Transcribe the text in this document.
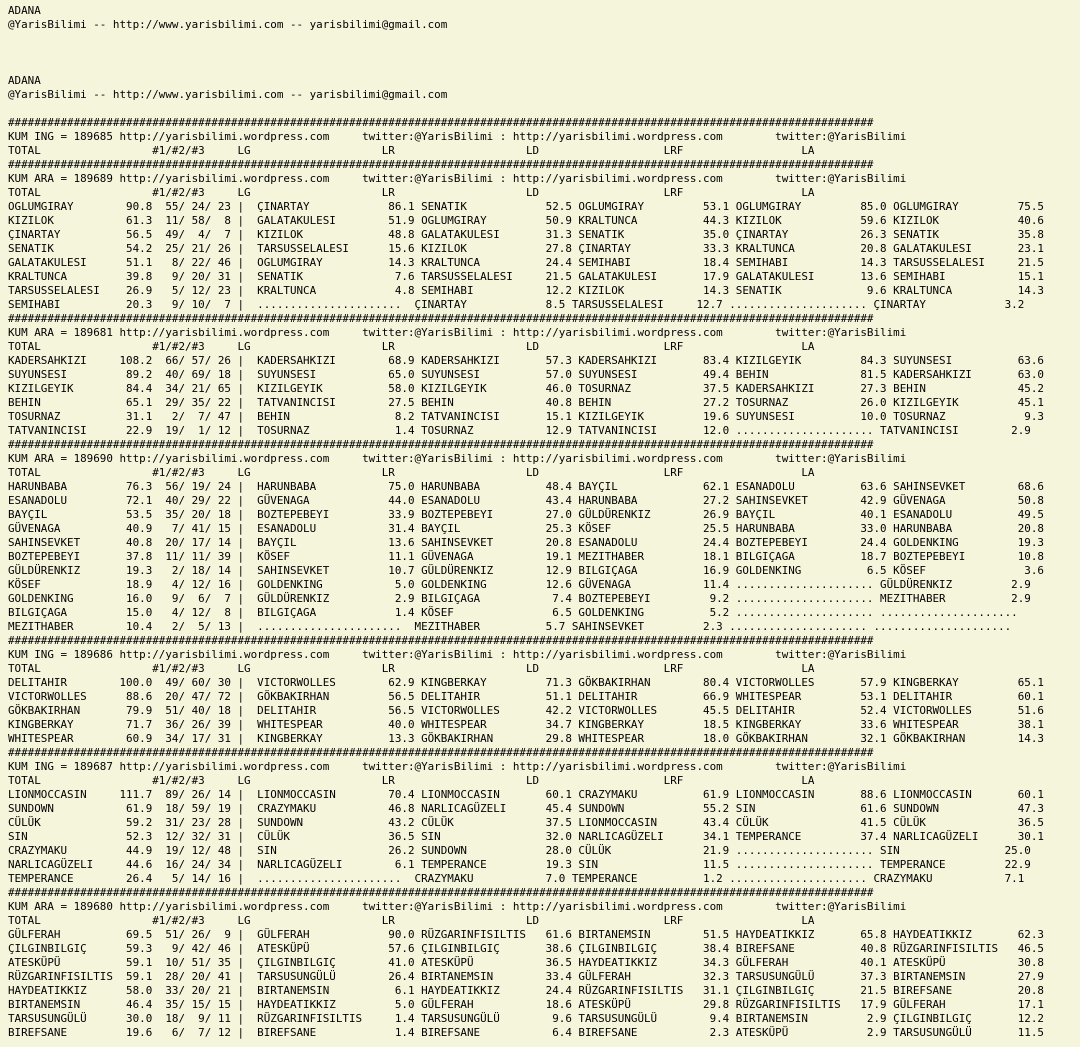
ADANA
@YarisBilimi -- http://www.yarisbilimi.com -- yarisbilimi@gmail.com
ADANA
@YarisBilimi -- http://www.yarisbilimi.com -- yarisbilimi@gmail.com
####################################################################################################################################
KUM ING = 189685 http://yarisbilimi.wordpress.com     twitter:@YarisBilimi : http://yarisbilimi.wordpress.com        twitter:@YarisBilimi
TOTAL                 #1/#2/#3     LG                    LR                    LD                   LRF                  LA
####################################################################################################################################
KUM ARA = 189689 http://yarisbilimi.wordpress.com     twitter:@YarisBilimi : http://yarisbilimi.wordpress.com        twitter:@YarisBilimi
TOTAL                 #1/#2/#3     LG                    LR                    LD                   LRF                  LA
OGLUMGIRAY        90.8  55/ 24/ 23 |  ÇINARTAY            86.1 SENATIK            52.5 OGLUMGIRAY         53.1 OGLUMGIRAY         85.0 OGLUMGIRAY         75.5
KIZILOK           61.3  11/ 58/  8 |  GALATAKULESI        51.9 OGLUMGIRAY         50.9 KRALTUNCA          44.3 KIZILOK            59.6 KIZILOK            40.6
ÇINARTAY          56.5  49/  4/  7 |  KIZILOK             48.8 GALATAKULESI       31.3 SENATIK            35.0 ÇINARTAY           26.3 SENATIK            35.8
SENATIK           54.2  25/ 21/ 26 |  TARSUSSELALESI      15.6 KIZILOK            27.8 ÇINARTAY           33.3 KRALTUNCA          20.8 GALATAKULESI       23.1
GALATAKULESI      51.1   8/ 22/ 46 |  OGLUMGIRAY          14.3 KRALTUNCA          24.4 SEMIHABI           18.4 SEMIHABI           14.3 TARSUSSELALESI     21.5
KRALTUNCA         39.8   9/ 20/ 31 |  SENATIK              7.6 TARSUSSELALESI     21.5 GALATAKULESI       17.9 GALATAKULESI       13.6 SEMIHABI           15.1
TARSUSSELALESI    26.9   5/ 12/ 23 |  KRALTUNCA            4.8 SEMIHABI           12.2 KIZILOK            14.3 SENATIK             9.6 KRALTUNCA          14.3
SEMIHABI          20.3   9/ 10/  7 |  ......................  ÇINARTAY            8.5 TARSUSSELALESI     12.7 ..................... ÇINARTAY            3.2
####################################################################################################################################
KUM ARA = 189681 http://yarisbilimi.wordpress.com     twitter:@YarisBilimi : http://yarisbilimi.wordpress.com        twitter:@YarisBilimi
TOTAL                 #1/#2/#3     LG                    LR                    LD                   LRF                  LA
KADERSAHKIZI     108.2  66/ 57/ 26 |  KADERSAHKIZI        68.9 KADERSAHKIZI       57.3 KADERSAHKIZI       83.4 KIZILGEYIK         84.3 SUYUNSESI          63.6
SUYUNSESI         89.2  40/ 69/ 18 |  SUYUNSESI           65.0 SUYUNSESI          57.0 SUYUNSESI          49.4 BEHIN              81.5 KADERSAHKIZI       63.0
KIZILGEYIK        84.4  34/ 21/ 65 |  KIZILGEYIK          58.0 KIZILGEYIK         46.0 TOSURNAZ           37.5 KADERSAHKIZI       27.3 BEHIN              45.2
BEHIN             65.1  29/ 35/ 22 |  TATVANINCISI        27.5 BEHIN              40.8 BEHIN              27.2 TOSURNAZ           26.0 KIZILGEYIK         45.1
TOSURNAZ          31.1   2/  7/ 47 |  BEHIN                8.2 TATVANINCISI       15.1 KIZILGEYIK         19.6 SUYUNSESI          10.0 TOSURNAZ            9.3
TATVANINCISI      22.9  19/  1/ 12 |  TOSURNAZ             1.4 TOSURNAZ           12.9 TATVANINCISI       12.0 ..................... TATVANINCISI        2.9
####################################################################################################################################
KUM ARA = 189690 http://yarisbilimi.wordpress.com     twitter:@YarisBilimi : http://yarisbilimi.wordpress.com        twitter:@YarisBilimi
TOTAL                 #1/#2/#3     LG                    LR                    LD                   LRF                  LA
HARUNBABA         76.3  56/ 19/ 24 |  HARUNBABA           75.0 HARUNBABA          48.4 BAYÇIL             62.1 ESANADOLU          63.6 SAHINSEVKET        68.6
ESANADOLU         72.1  40/ 29/ 22 |  GÜVENAGA            44.0 ESANADOLU          43.4 HARUNBABA          27.2 SAHINSEVKET        42.9 GÜVENAGA           50.8
BAYÇIL            53.5  35/ 20/ 18 |  BOZTEPEBEYI         33.9 BOZTEPEBEYI        27.0 GÜLDÜRENKIZ        26.9 BAYÇIL             40.1 ESANADOLU          49.5
GÜVENAGA          40.9   7/ 41/ 15 |  ESANADOLU           31.4 BAYÇIL             25.3 KÖSEF              25.5 HARUNBABA          33.0 HARUNBABA          20.8
SAHINSEVKET       40.8  20/ 17/ 14 |  BAYÇIL              13.6 SAHINSEVKET        20.8 ESANADOLU          24.4 BOZTEPEBEYI        24.4 GOLDENKING         19.3
BOZTEPEBEYI       37.8  11/ 11/ 39 |  KÖSEF               11.1 GÜVENAGA           19.1 MEZITHABER         18.1 BILGIÇAGA          18.7 BOZTEPEBEYI        10.8
GÜLDÜRENKIZ       19.3   2/ 18/ 14 |  SAHINSEVKET         10.7 GÜLDÜRENKIZ        12.9 BILGIÇAGA          16.9 GOLDENKING          6.5 KÖSEF               3.6
KÖSEF             18.9   4/ 12/ 16 |  GOLDENKING           5.0 GOLDENKING         12.6 GÜVENAGA           11.4 ..................... GÜLDÜRENKIZ         2.9
GOLDENKING        16.0   9/  6/  7 |  GÜLDÜRENKIZ          2.9 BILGIÇAGA           7.4 BOZTEPEBEYI         9.2 ..................... MEZITHABER          2.9
BILGIÇAGA         15.0   4/ 12/  8 |  BILGIÇAGA            1.4 KÖSEF               6.5 GOLDENKING          5.2 ..................... .....................
MEZITHABER        10.4   2/  5/ 13 |  ......................  MEZITHABER          5.7 SAHINSEVKET         2.3 ..................... .....................
####################################################################################################################################
KUM ING = 189686 http://yarisbilimi.wordpress.com     twitter:@YarisBilimi : http://yarisbilimi.wordpress.com        twitter:@YarisBilimi
TOTAL                 #1/#2/#3     LG                    LR                    LD                   LRF                  LA
DELITAHIR        100.0  49/ 60/ 30 |  VICTORWOLLES        62.9 KINGBERKAY         71.3 GÖKBAKIRHAN        80.4 VICTORWOLLES       57.9 KINGBERKAY         65.1
VICTORWOLLES      88.6  20/ 47/ 72 |  GÖKBAKIRHAN         56.5 DELITAHIR          51.1 DELITAHIR          66.9 WHITESPEAR         53.1 DELITAHIR          60.1
GÖKBAKIRHAN       79.9  51/ 40/ 18 |  DELITAHIR           56.5 VICTORWOLLES       42.2 VICTORWOLLES       45.5 DELITAHIR          52.4 VICTORWOLLES       51.6
KINGBERKAY        71.7  36/ 26/ 39 |  WHITESPEAR          40.0 WHITESPEAR         34.7 KINGBERKAY         18.5 KINGBERKAY         33.6 WHITESPEAR         38.1
WHITESPEAR        60.9  34/ 17/ 31 |  KINGBERKAY          13.3 GÖKBAKIRHAN        29.8 WHITESPEAR         18.0 GÖKBAKIRHAN        32.1 GÖKBAKIRHAN        14.3
####################################################################################################################################
KUM ING = 189687 http://yarisbilimi.wordpress.com     twitter:@YarisBilimi : http://yarisbilimi.wordpress.com        twitter:@YarisBilimi
TOTAL                 #1/#2/#3     LG                    LR                    LD                   LRF                  LA
LIONMOCCASIN     111.7  89/ 26/ 14 |  LIONMOCCASIN        70.4 LIONMOCCASIN       60.1 CRAZYMAKU          61.9 LIONMOCCASIN       88.6 LIONMOCCASIN       60.1
SUNDOWN           61.9  18/ 59/ 19 |  CRAZYMAKU           46.8 NARLICAGÜZELI      45.4 SUNDOWN            55.2 SIN                61.6 SUNDOWN            47.3
CÜLÜK             59.2  31/ 23/ 28 |  SUNDOWN             43.2 CÜLÜK              37.5 LIONMOCCASIN       43.4 CÜLÜK              41.5 CÜLÜK              36.5
SIN               52.3  12/ 32/ 31 |  CÜLÜK               36.5 SIN                32.0 NARLICAGÜZELI      34.1 TEMPERANCE         37.4 NARLICAGÜZELI      30.1
CRAZYMAKU         44.9  19/ 12/ 48 |  SIN                 26.2 SUNDOWN            28.0 CÜLÜK              21.9 ..................... SIN                25.0
NARLICAGÜZELI     44.6  16/ 24/ 34 |  NARLICAGÜZELI        6.1 TEMPERANCE         19.3 SIN                11.5 ..................... TEMPERANCE         22.9
TEMPERANCE        26.4   5/ 14/ 16 |  ......................  CRAZYMAKU           7.0 TEMPERANCE          1.2 ..................... CRAZYMAKU           7.1
####################################################################################################################################
KUM ARA = 189680 http://yarisbilimi.wordpress.com     twitter:@YarisBilimi : http://yarisbilimi.wordpress.com        twitter:@YarisBilimi
TOTAL                 #1/#2/#3     LG                    LR                    LD                   LRF                  LA
GÜLFERAH          69.5  51/ 26/  9 |  GÜLFERAH            90.0 RÜZGARINFISILTIS   61.6 BIRTANEMSIN        51.5 HAYDEATIKKIZ       65.8 HAYDEATIKKIZ       62.3
ÇILGINBILGIÇ      59.3   9/ 42/ 46 |  ATESKÜPÜ            57.6 ÇILGINBILGIÇ       38.6 ÇILGINBILGIÇ       38.4 BIREFSANE          40.8 RÜZGARINFISILTIS   46.5
ATESKÜPÜ          59.1  10/ 51/ 35 |  ÇILGINBILGIÇ        41.0 ATESKÜPÜ           36.5 HAYDEATIKKIZ       34.3 GÜLFERAH           40.1 ATESKÜPÜ           30.8
RÜZGARINFISILTIS  59.1  28/ 20/ 41 |  TARSUSUNGÜLÜ        26.4 BIRTANEMSIN        33.4 GÜLFERAH           32.3 TARSUSUNGÜLÜ       37.3 BIRTANEMSIN        27.9
HAYDEATIKKIZ      58.0  33/ 20/ 21 |  BIRTANEMSIN          6.1 HAYDEATIKKIZ       24.4 RÜZGARINFISILTIS   31.1 ÇILGINBILGIÇ       21.5 BIREFSANE          20.8
BIRTANEMSIN       46.4  35/ 15/ 15 |  HAYDEATIKKIZ         5.0 GÜLFERAH           18.6 ATESKÜPÜ           29.8 RÜZGARINFISILTIS   17.9 GÜLFERAH           17.1
TARSUSUNGÜLÜ      30.0  18/  9/ 11 |  RÜZGARINFISILTIS     1.4 TARSUSUNGÜLÜ        9.6 TARSUSUNGÜLÜ        9.4 BIRTANEMSIN         2.9 ÇILGINBILGIÇ       12.2
BIREFSANE         19.6   6/  7/ 12 |  BIREFSANE            1.4 BIREFSANE           6.4 BIREFSANE           2.3 ATESKÜPÜ            2.9 TARSUSUNGÜLÜ       11.5
